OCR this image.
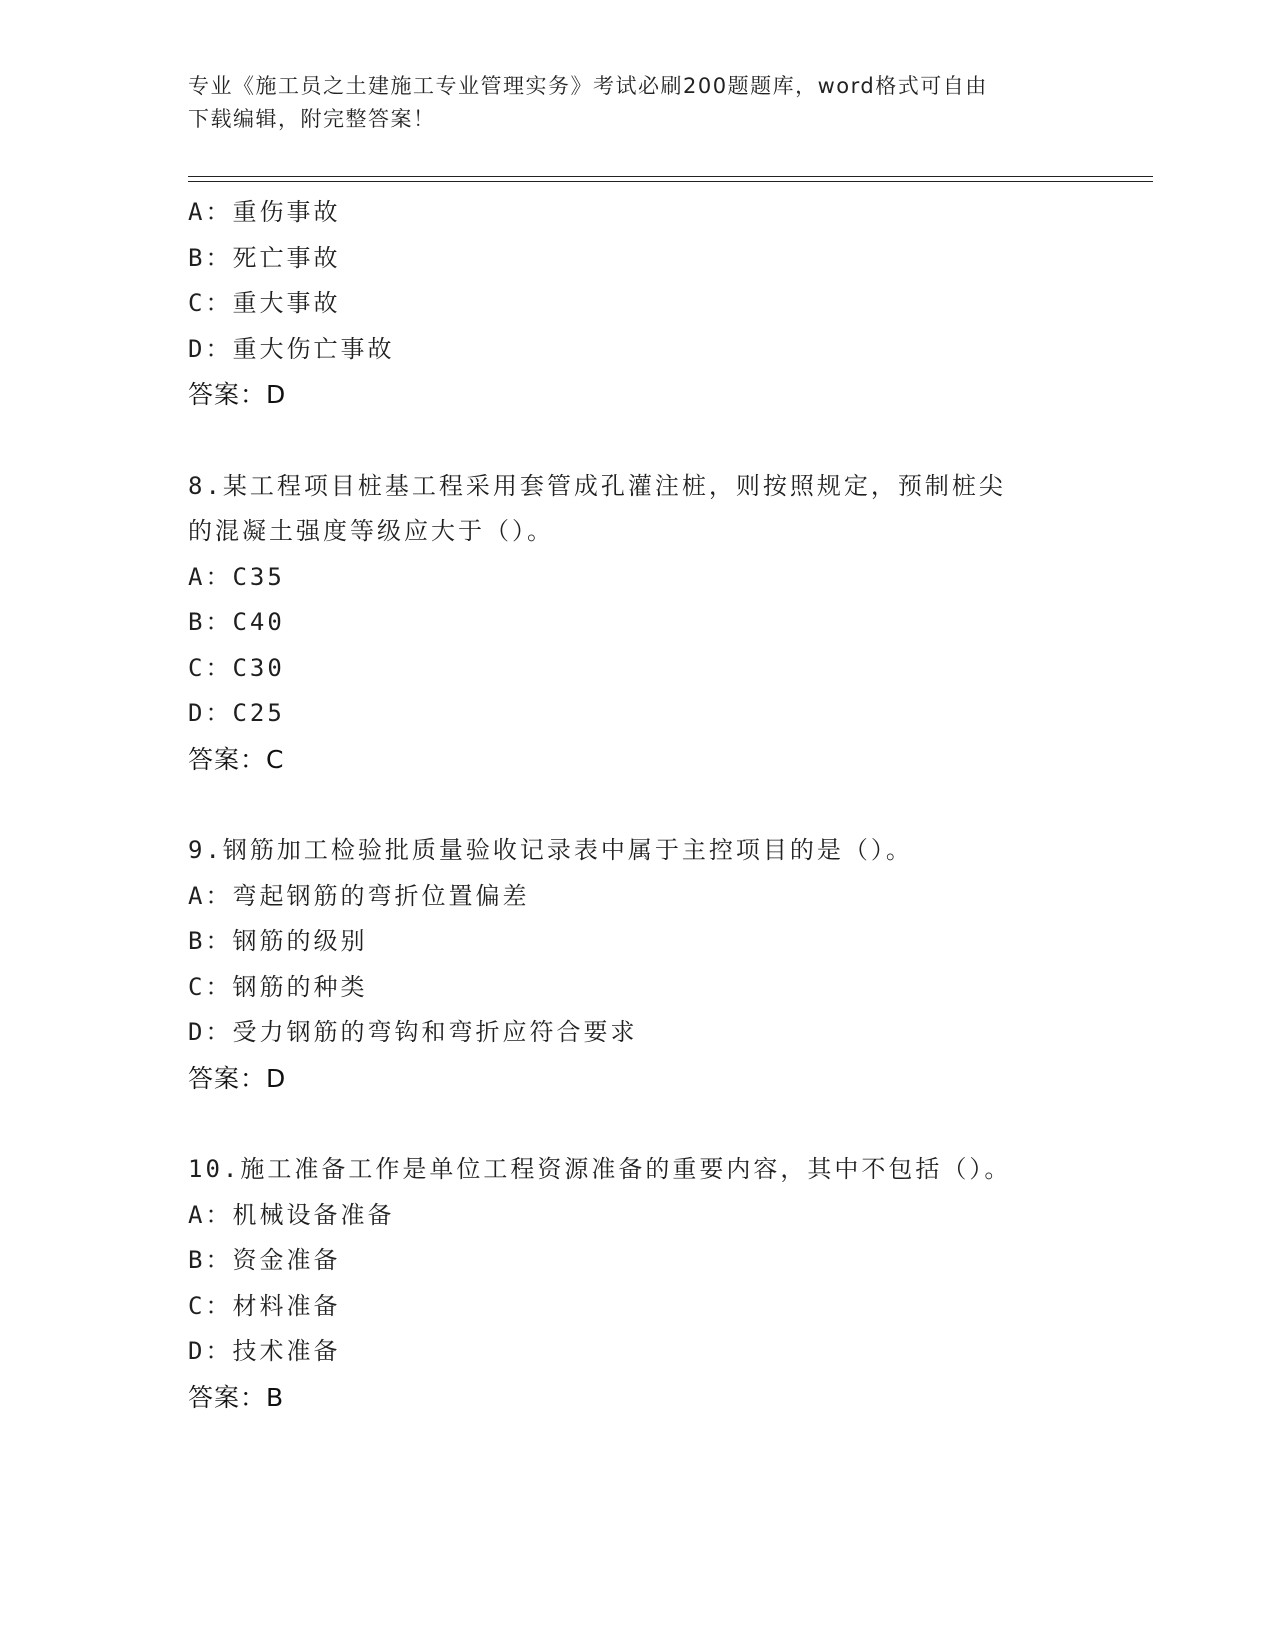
专业《施工员之土建施工专业管理实务》考试必刷200题题库，word格式可自由
下载编辑，附完整答案！
A：重伤事故
B：死亡事故
C：重大事故
D：重大伤亡事故
答案：D
8.某工程项目桩基工程采用套管成孔灌注桩，则按照规定，预制桩尖
的混凝土强度等级应大于（）。
A：C35
B：C40
C：C30
D：C25
答案：C
9.钢筋加工检验批质量验收记录表中属于主控项目的是（）。
A：弯起钢筋的弯折位置偏差
B：钢筋的级别
C：钢筋的种类
D：受力钢筋的弯钩和弯折应符合要求
答案：D
10.施工准备工作是单位工程资源准备的重要内容，其中不包括（）。
A：机械设备准备
B：资金准备
C：材料准备
D：技术准备
答案：B
